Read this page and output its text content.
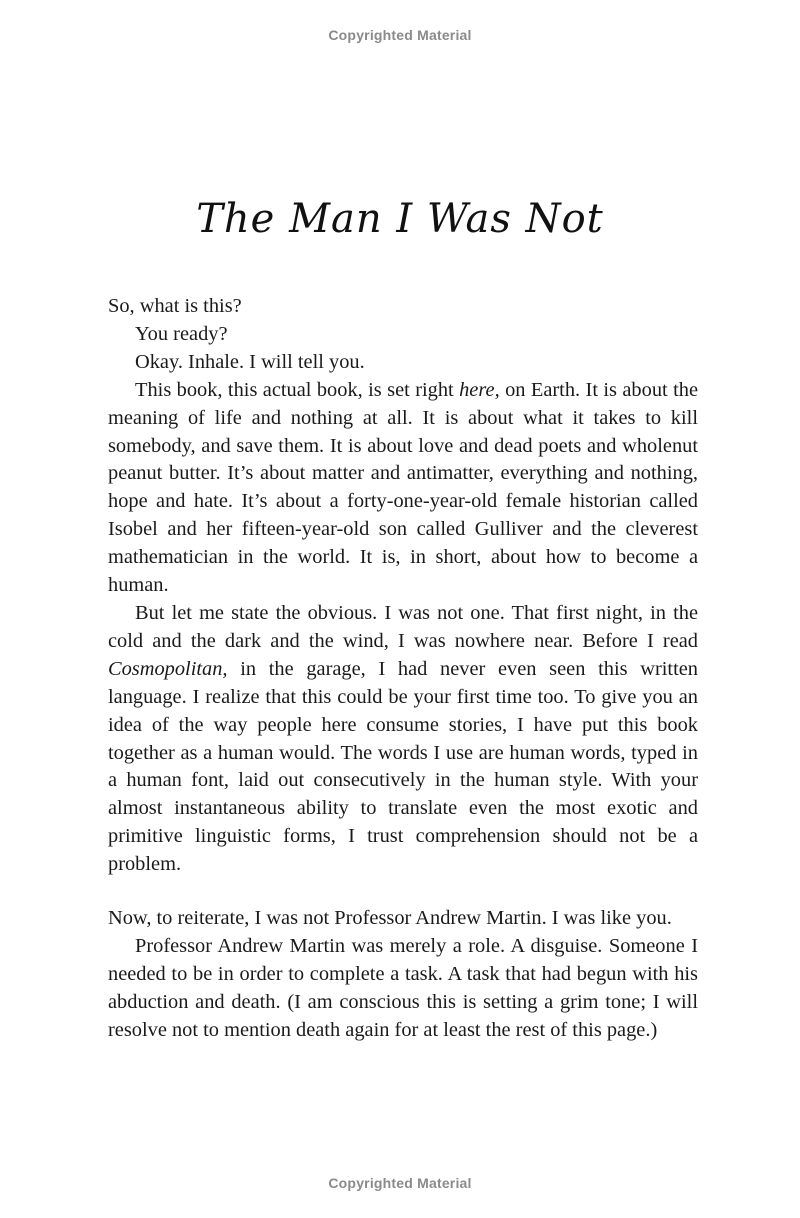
Copyrighted Material
The Man I Was Not

So, what is this?

You ready?

Okay. Inhale. I will tell you.

This book, this actual book, is set right here, on Earth. It is about the meaning of life and nothing at all. It is about what it takes to kill somebody, and save them. It is about love and dead poets and wholenut peanut butter. It’s about matter and antimatter, everything and nothing, hope and hate. It’s about a forty-one-year-old female historian called Isobel and her fifteen-year-old son called Gulliver and the cleverest mathematician in the world. It is, in short, about how to become a human.

But let me state the obvious. I was not one. That first night, in the cold and the dark and the wind, I was nowhere near. Before I read Cosmopolitan, in the garage, I had never even seen this written language. I realize that this could be your first time too. To give you an idea of the way people here consume stories, I have put this book together as a human would. The words I use are human words, typed in a human font, laid out consecutively in the human style. With your almost instantaneous ability to translate even the most exotic and primitive linguistic forms, I trust comprehension should not be a problem.

Now, to reiterate, I was not Professor Andrew Martin. I was like you.

Professor Andrew Martin was merely a role. A disguise. Someone I needed to be in order to complete a task. A task that had begun with his abduction and death. (I am conscious this is setting a grim tone; I will resolve not to mention death again for at least the rest of this page.)

Copyrighted Material
